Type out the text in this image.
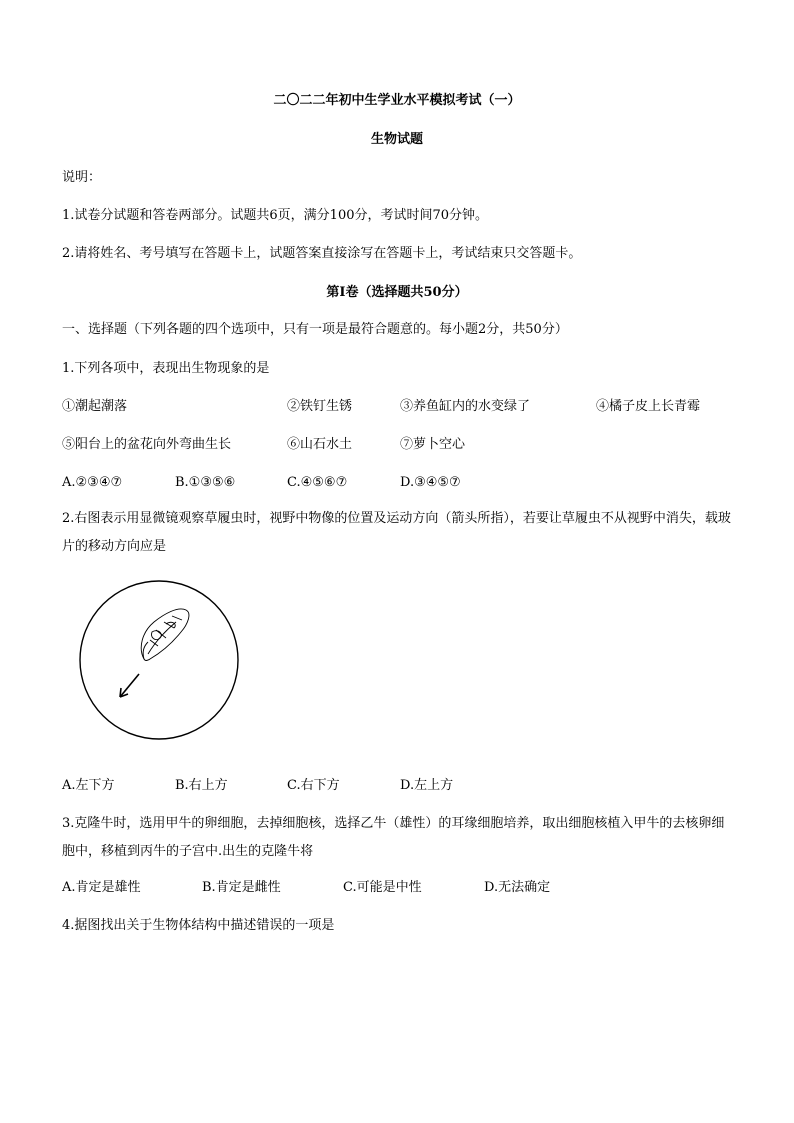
二〇二二年初中生学业水平模拟考试（一）
生物试题
说明：
1.试卷分试题和答卷两部分。试题共6页，满分100分，考试时间70分钟。
2.请将姓名、考号填写在答题卡上，试题答案直接涂写在答题卡上，考试结束只交答题卡。
第Ⅰ卷（选择题共50分）
一、选择题（下列各题的四个选项中，只有一项是最符合题意的。每小题2分，共50分）
1.下列各项中，表现出生物现象的是
①潮起潮落	②铁钉生锈	③养鱼缸内的水变绿了	④橘子皮上长青霉
⑤阳台上的盆花向外弯曲生长	⑥山石水土	⑦萝卜空心
A.②③④⑦	B.①③⑤⑥	C.④⑤⑥⑦	D.③④⑤⑦
2.右图表示用显微镜观察草履虫时，视野中物像的位置及运动方向（箭头所指），若要让草履虫不从视野中消失，载玻片的移动方向应是
A.左下方	B.右上方	C.右下方	D.左上方
3.克隆牛时，选用甲牛的卵细胞，去掉细胞核，选择乙牛（雄性）的耳缘细胞培养，取出细胞核植入甲牛的去核卵细胞中，移植到丙牛的子宫中.出生的克隆牛将
A.肯定是雄性	B.肯定是雌性	C.可能是中性	D.无法确定
4.据图找出关于生物体结构中描述错误的一项是
